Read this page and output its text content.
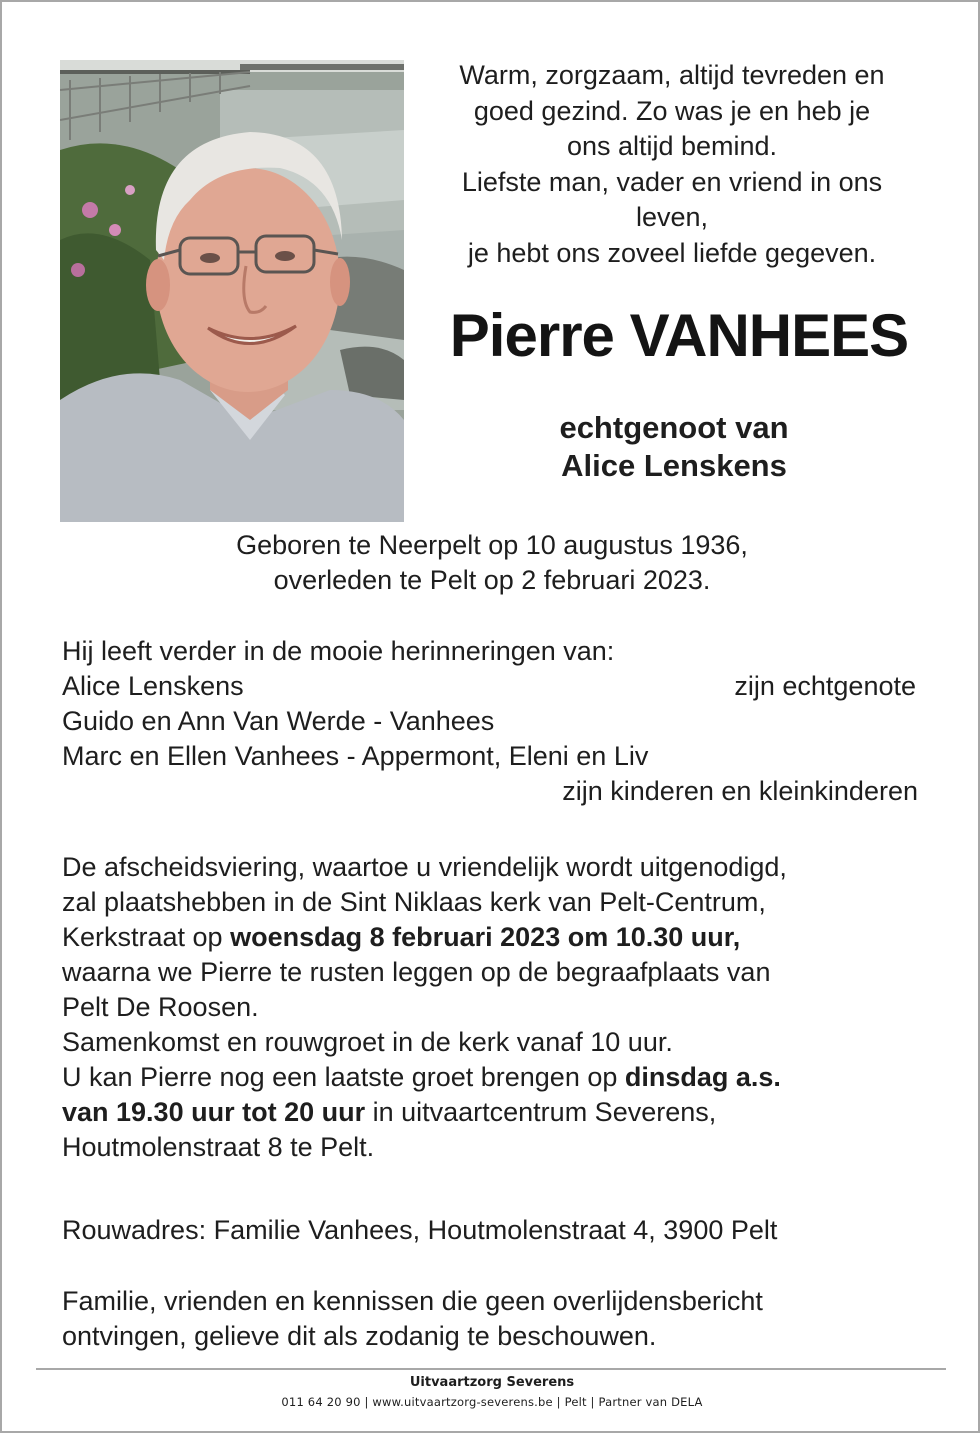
Warm, zorgzaam, altijd tevreden en
goed gezind. Zo was je en heb je
ons altijd bemind.
Liefste man, vader en vriend in ons
leven,
je hebt ons zoveel liefde gegeven.
Pierre VANHEES
echtgenoot van
Alice Lenskens
Geboren te Neerpelt op 10 augustus 1936,
overleden te Pelt op 2 februari 2023.
Hij leeft verder in de mooie herinneringen van:
Alice Lenskens	zijn echtgenote
Guido en Ann Van Werde - Vanhees
Marc en Ellen Vanhees - Appermont, Eleni en Liv
zijn kinderen en kleinkinderen
De afscheidsviering, waartoe u vriendelijk wordt uitgenodigd,
zal plaatshebben in de Sint Niklaas kerk van Pelt-Centrum,
Kerkstraat op woensdag 8 februari 2023 om 10.30 uur,
waarna we Pierre te rusten leggen op de begraafplaats van
Pelt De Roosen.
Samenkomst en rouwgroet in de kerk vanaf 10 uur.
U kan Pierre nog een laatste groet brengen op dinsdag a.s.
van 19.30 uur tot 20 uur in uitvaartcentrum Severens,
Houtmolenstraat 8 te Pelt.
Rouwadres: Familie Vanhees, Houtmolenstraat 4, 3900 Pelt
Familie, vrienden en kennissen die geen overlijdensbericht
ontvingen, gelieve dit als zodanig te beschouwen.
Uitvaartzorg Severens
011 64 20 90 | www.uitvaartzorg-severens.be | Pelt | Partner van DELA
